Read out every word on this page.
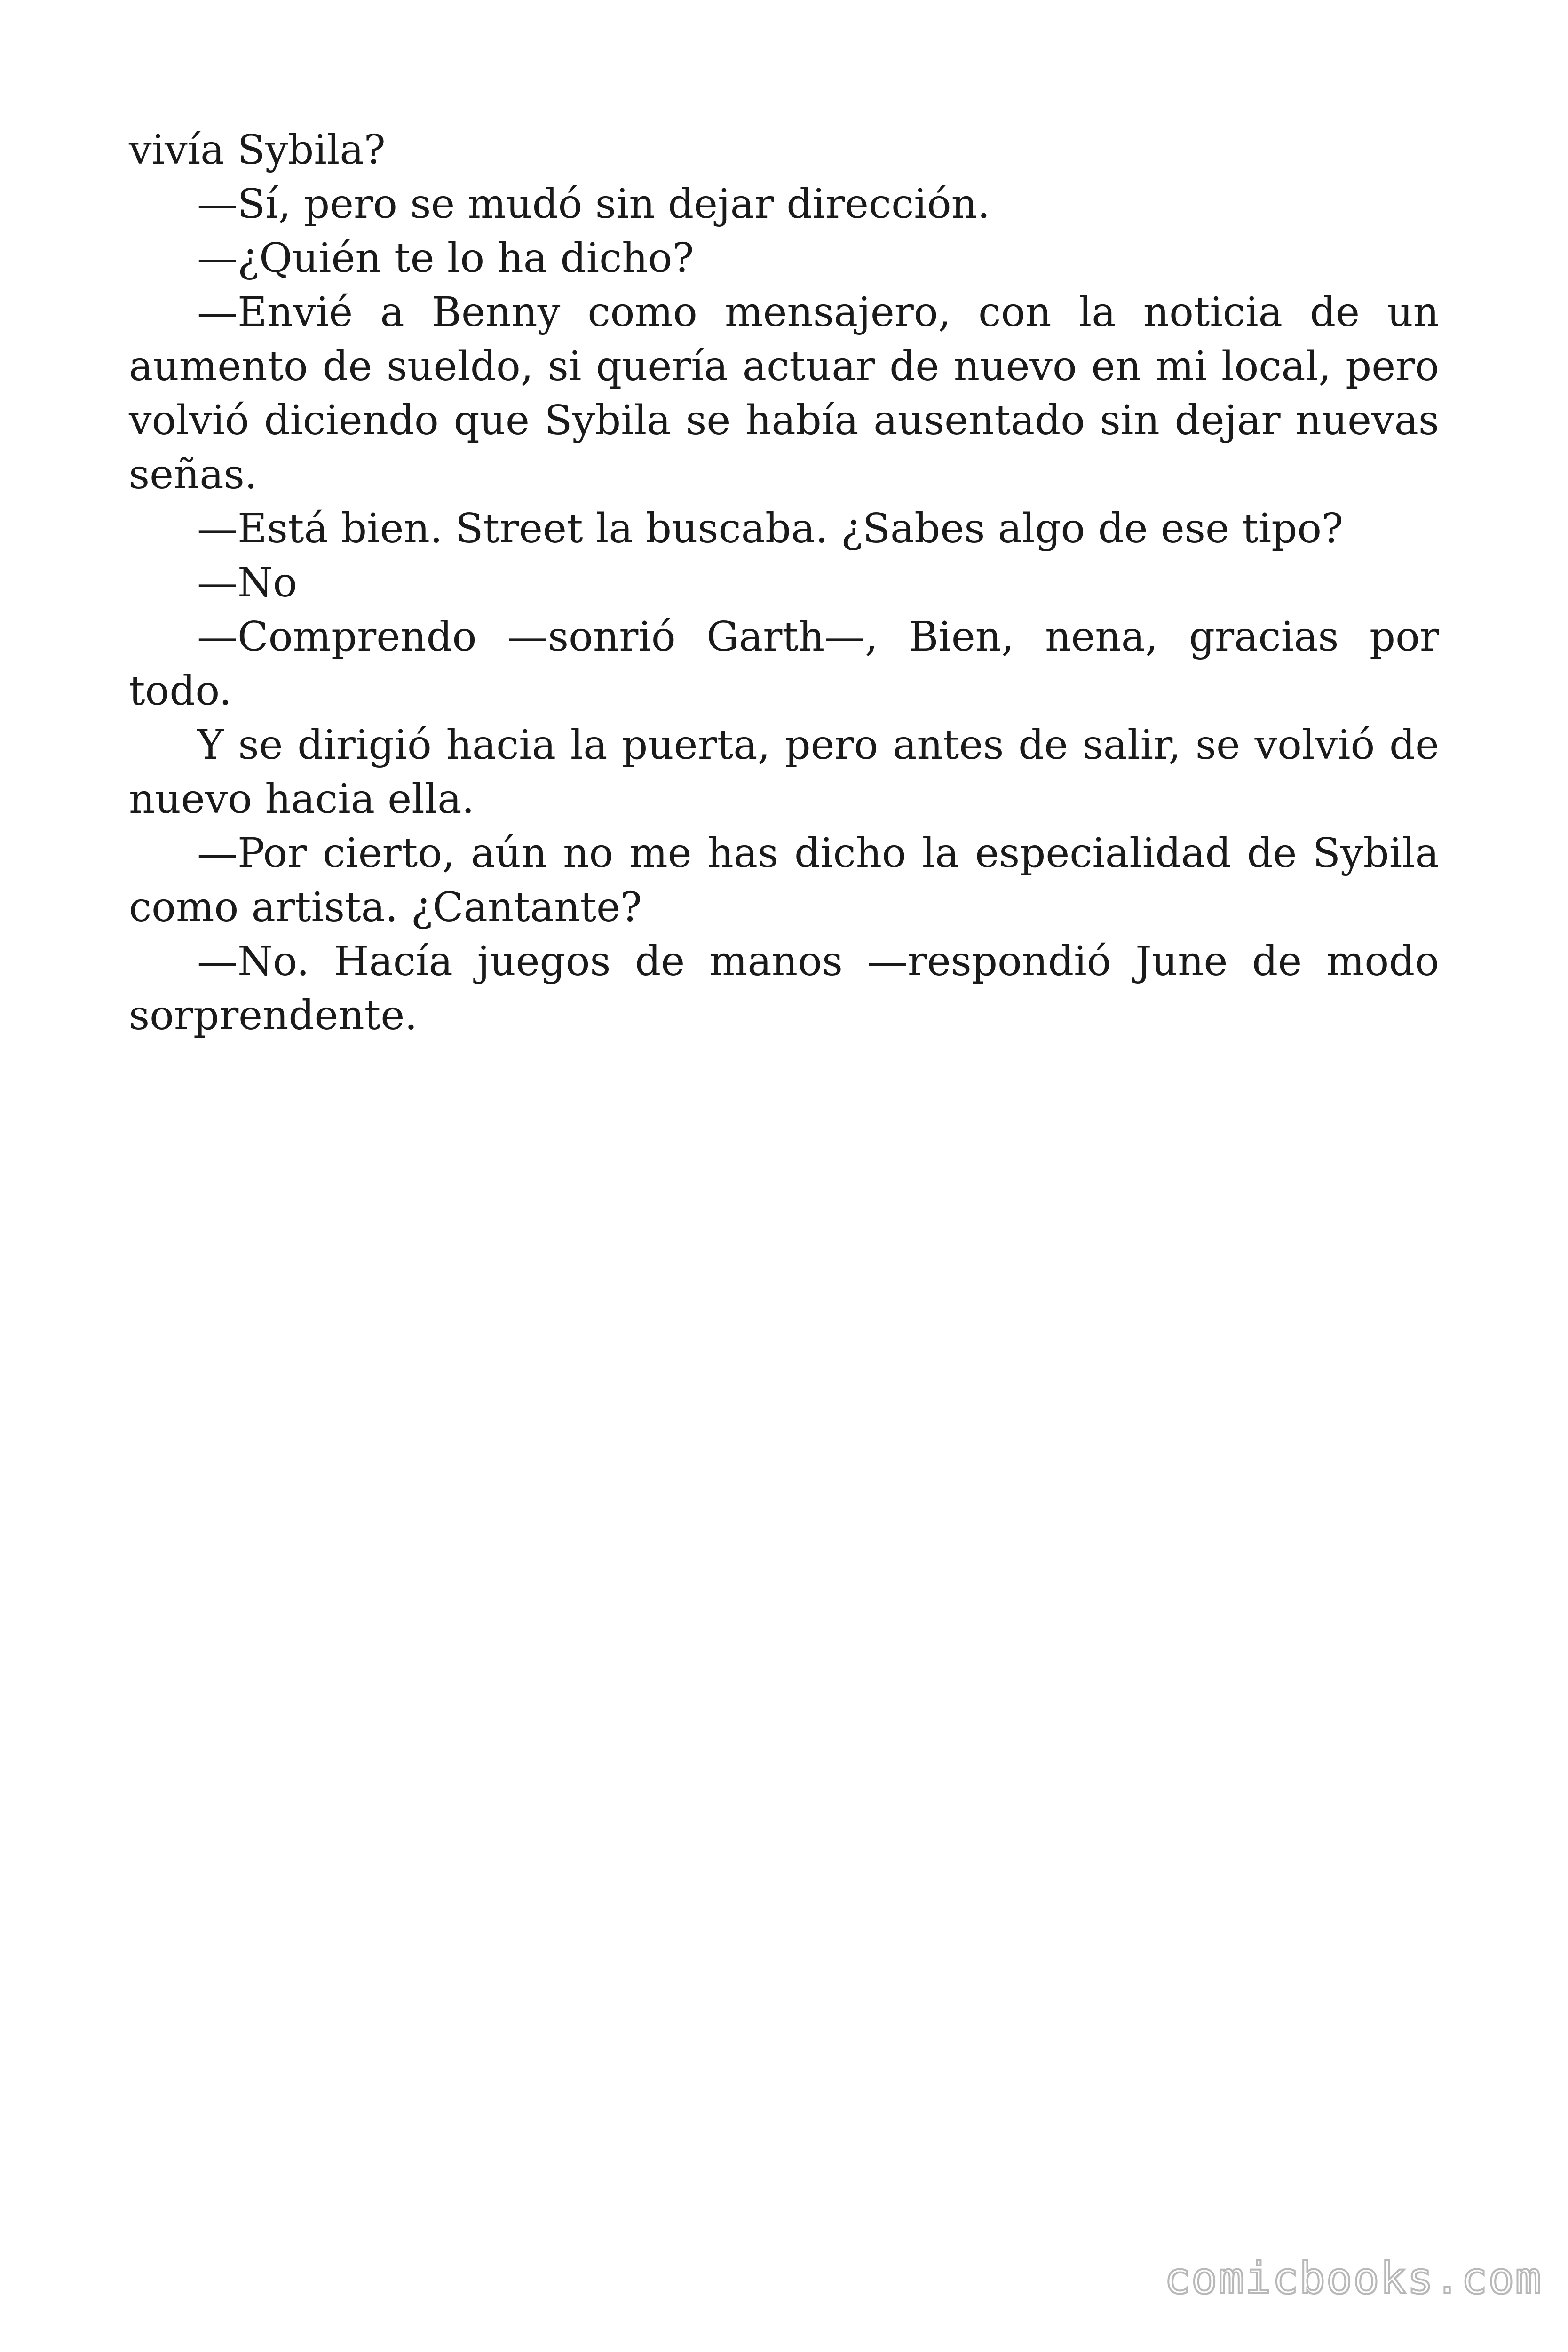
vivía Sybila?

—Sí, pero se mudó sin dejar dirección.

—¿Quién te lo ha dicho?

—Envié a Benny como mensajero, con la noticia de un aumento de sueldo, si quería actuar de nuevo en mi local, pero volvió diciendo que Sybila se había ausentado sin dejar nuevas señas.

—Está bien. Street la buscaba. ¿Sabes algo de ese tipo?

—No

—Comprendo —sonrió Garth—, Bien, nena, gracias por todo.

Y se dirigió hacia la puerta, pero antes de salir, se volvió de nuevo hacia ella.

—Por cierto, aún no me has dicho la especialidad de Sybila como artista. ¿Cantante?

—No. Hacía juegos de manos —respondió June de modo sorprendente.

comicbooks.com
